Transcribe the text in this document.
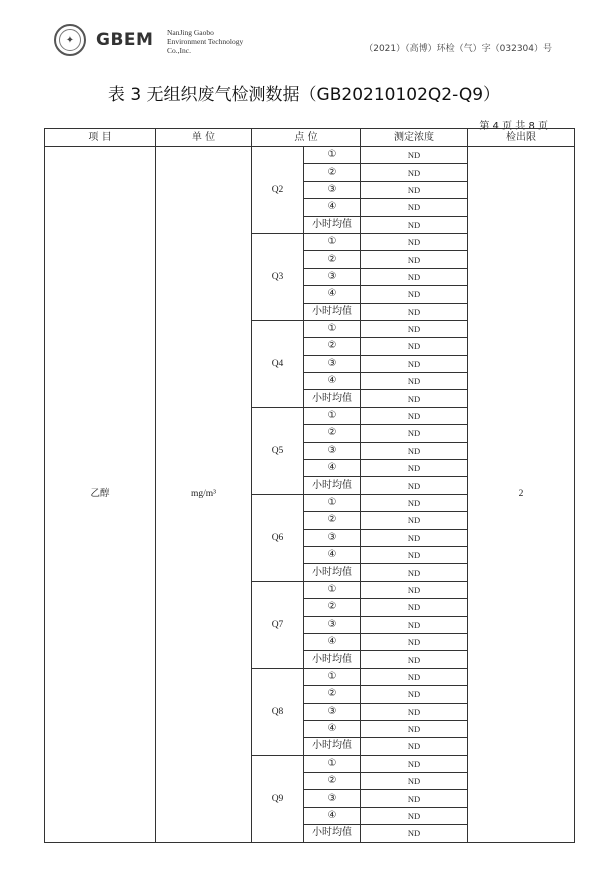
✦	GBEM NanJing Gaobo
Environment Technology
Co.,Inc.	（2021）（高博）环检（气）字（032304）号
表 3 无组织废气检测数据（GB20210102Q2-Q9）
第 4 页 共 8 页
项 目	单 位	点 位		测定浓度	检出限
乙醇	mg/m³	Q2	①	ND	2
			②	ND	
			③	ND	
			④	ND	
			小时均值	ND	
		Q3	①	ND	
			②	ND	
			③	ND	
			④	ND	
			小时均值	ND	
		Q4	①	ND	
			②	ND	
			③	ND	
			④	ND	
			小时均值	ND	
		Q5	①	ND	
			②	ND	
			③	ND	
			④	ND	
			小时均值	ND	
		Q6	①	ND	
			②	ND	
			③	ND	
			④	ND	
			小时均值	ND	
		Q7	①	ND	
			②	ND	
			③	ND	
			④	ND	
			小时均值	ND	
		Q8	①	ND	
			②	ND	
			③	ND	
			④	ND	
			小时均值	ND	
		Q9	①	ND	
			②	ND	
			③	ND	
			④	ND	
			小时均值	ND	
